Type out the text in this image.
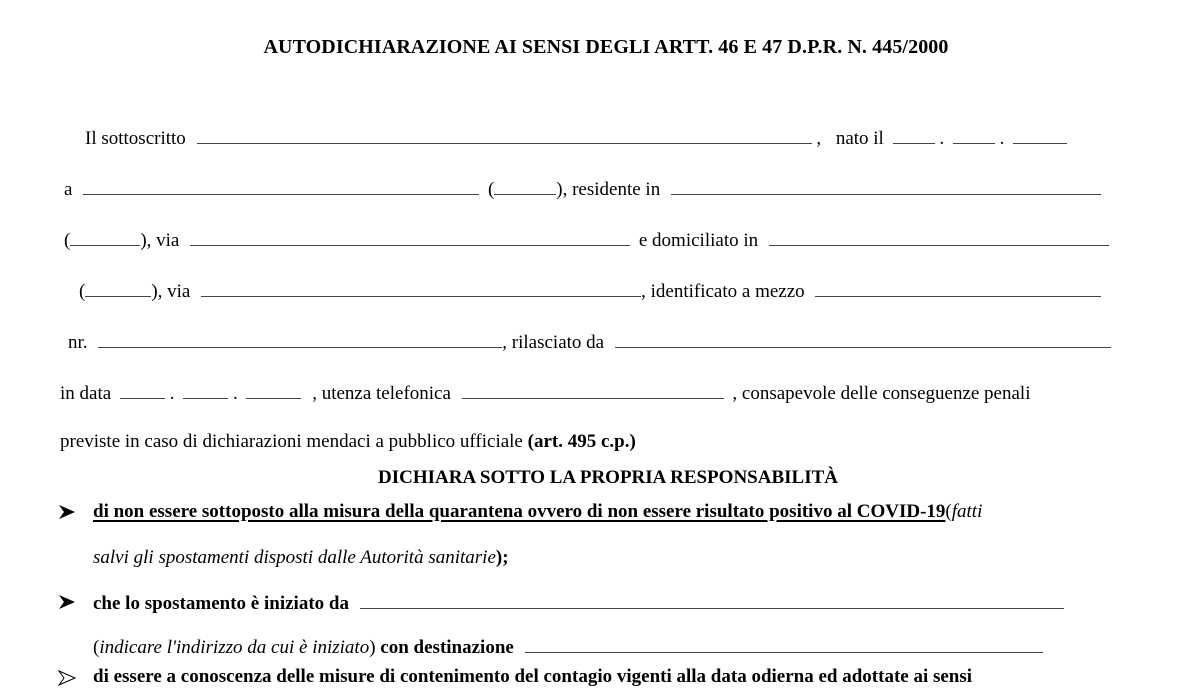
AUTODICHIARAZIONE AI SENSI DEGLI ARTT. 46 E 47 D.P.R. N. 445/2000
Il sottoscritto	, nato il	.	.
a	(	), residente in
(	), via	e domiciliato in
(	), via	, identificato a mezzo
nr.	, rilasciato da
in data	.	.	, utenza telefonica	, consapevole delle conseguenze penali
previste in caso di dichiarazioni mendaci a pubblico ufficiale (art. 495 c.p.)
DICHIARA SOTTO LA PROPRIA RESPONSABILITÀ
di non essere sottoposto alla misura della quarantena ovvero di non essere risultato positivo al COVID-19(fatti
salvi gli spostamenti disposti dalle Autorità sanitarie);
che lo spostamento è iniziato da
(indicare l'indirizzo da cui è iniziato) con destinazione
di essere a conoscenza delle misure di contenimento del contagio vigenti alla data odierna ed adottate ai sensi
